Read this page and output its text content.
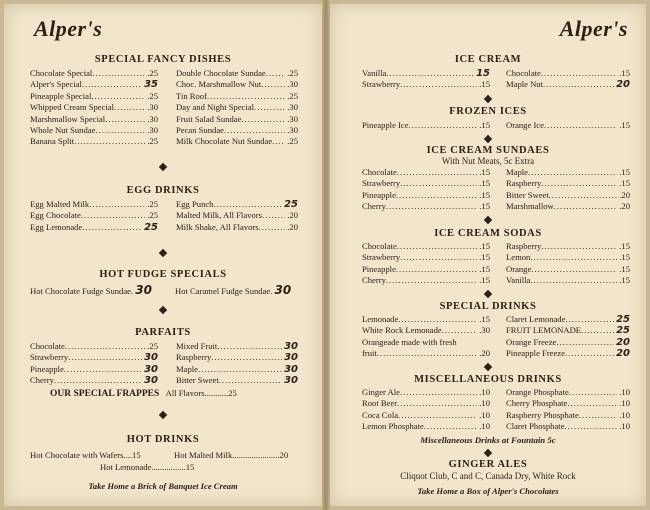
Alper's
SPECIAL FANCY DISHES
Chocolate Special .....	.25
Alper's Special .....	35
Pineapple Special .....	.25
Whipped Cream Special .....	.30
Marshmallow Special .....	.30
Whole Nut Sundae .....	.30
Banana Split .....	.25
Double Chocolate Sundae .....	.25
Choc. Marshmallow Nut .....	.30
Tin Roof .....	.25
Day and Night Special .....	.30
Fruit Salad Sundae .....	.30
Pecan Sundae .....	.30
Milk Chocolate Nut Sundae ..... .25
EGG DRINKS
Egg Malted Milk .....	.25
Egg Chocolate .....	.25
Egg Lemonade .....	25
Egg Punch .....	25
Malted Milk, All Flavors .....	.20
Milk Shake, All Flavors .....	.20
HOT FUDGE SPECIALS
Hot Chocolate Fudge Sundae. 30	Hot Caramel Fudge Sundae. 30
PARFAITS
Chocolate .....	.25
Strawberry .....	30
Pineapple .....	30
Cherry .....	30
Mixed Fruit .....	30
Raspberry .....	30
Maple .....	30
Bitter Sweet .....	30
OUR SPECIAL FRAPPES All Flavors...........25
HOT DRINKS
Hot Chocolate with Wafers....15	Hot Malted Milk......................20
Hot Lemonade................15
Take Home a Brick of Banquet Ice Cream
Alper's
ICE CREAM
Vanilla .....	15
Strawberry .....	.15
Chocolate .....	.15
Maple Nut .....	20
FROZEN ICES
Pineapple Ice .....	.15 Orange Ice .....	.15
ICE CREAM SUNDAES
With Nut Meats, 5c Extra
Chocolate .....	.15
Strawberry .....	.15
Pineapple .....	.15
Cherry .....	.15
Maple .....	.15
Raspberry .....	.15
Bitter Sweet .....	.20
Marshmallow .....	.20
ICE CREAM SODAS
Chocolate .....	.15
Strawberry .....	.15
Pineapple .....	.15
Cherry .....	.15
Raspberry .....	.15
Lemon .....	.15
Orange .....	.15
Vanilla .....	.15
SPECIAL DRINKS
Lemonade .....	.15
White Rock Lemonade .....	.30
Orangeade made with fresh
fruit .....	.20
Claret Lemonade .....	25
FRUIT LEMONADE .....	25
Orange Freeze .....	20
Pineapple Freeze .....	20
MISCELLANEOUS DRINKS
Ginger Ale .....	.10
Root Beer .....	.10
Coca Cola .....	.10
Lemon Phosphate .....	.10
Orange Phosphate .....	.10
Cherry Phosphate .....	.10
Raspberry Phosphate .....	.10
Claret Phosphate .....	.10
Miscellaneous Drinks at Fountain 5c
GINGER ALES
Cliquot Club, C and C, Canada Dry, White Rock
Take Home a Box of Alper's Chocolates
